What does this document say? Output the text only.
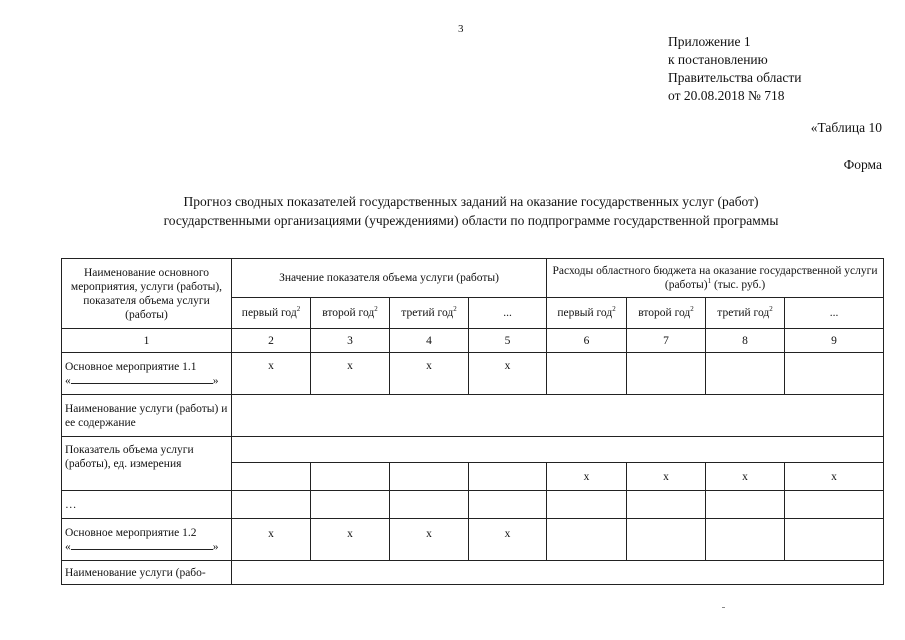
3
Приложение 1
к постановлению
Правительства области
от 20.08.2018 № 718
«Таблица 10
Форма
Прогноз сводных показателей государственных заданий на оказание государственных услуг (работ)
государственными организациями (учреждениями) области по подпрограмме государственной программы
Наименование основного мероприятия, услуги (работы), показателя объема услуги (работы)	Значение показателя объема услуги (работы)				Расходы областного бюджета на оказание государственной услуги (работы)$^1$ (тыс. руб.)			
	первый год$^2$	второй год$^2$	третий год$^2$	...	первый год$^2$	второй год$^2$	третий год$^2$	...
1	2	3	4	5	6	7	8	9

Основное мероприятие 1.1
« »	х	х	х	х				
Наименование услуги (работы) и ее содержание								
Показатель объема услуги (работы), ед. измерения								
					х	х	х	х
…								

Основное мероприятие 1.2
« »	х	х	х	х				
Наименование услуги (рабо-								
